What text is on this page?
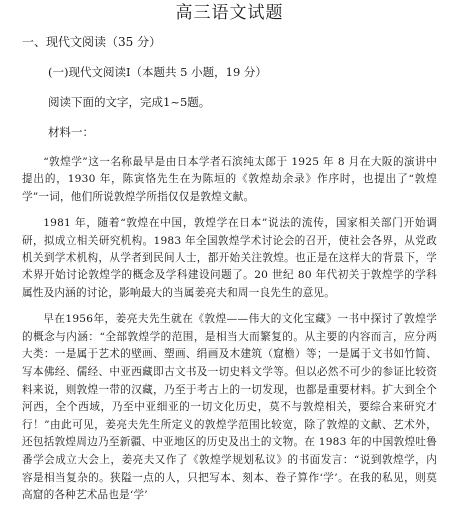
高三语文试题
一、现代文阅读（35 分）
(一)现代文阅读Ⅰ（本题共 5 小题，19 分）
阅读下面的文字，完成1~5题。
材料一：
“敦煌学”这一名称最早是由日本学者石滨纯太郎于 1925 年 8 月在大阪的演讲中提出的，1930 年，陈寅恪先生在为陈垣的《敦煌劫余录》作序时，也提出了“敦煌学”一词，他们所说敦煌学所指仅仅是敦煌文献。
1981 年，随着“敦煌在中国，敦煌学在日本”说法的流传，国家相关部门开始调研，拟成立相关研究机构。1983 年全国敦煌学术讨论会的召开，使社会各界，从党政机关到学术机构，从学者到民间人士，都开始关注敦煌。也正是在这样大的背景下，学术界开始讨论敦煌学的概念及学科建设问题了。20 世纪 80 年代初关于敦煌学的学科属性及内涵的讨论，影响最大的当属姜亮夫和周一良先生的意见。
早在1956年，姜亮夫先生就在《敦煌——伟大的文化宝藏》一书中探讨了敦煌学的概念与内涵：“全部敦煌学的范围，是相当大而繁复的。从主要的内容而言，应分两大类：一是属于艺术的壁画、塑画、绢画及木建筑（窟檐）等；一是属于文书如竹简、写本佛经、儒经、中亚西藏即古文书及一切史料文学等。但以必然不可少的参证比较资料来说，则敦煌一带的汉藏，乃至于考古上的一切发现，也都是重要材料。扩大到全个河西，全个西域，乃至中亚细亚的一切文化历史，莫不与敦煌相关，要综合来研究才行！”由此可见，姜亮夫先生所定义的敦煌学范围比较宽，除了敦煌的文献、艺术外，还包括敦煌周边乃至新疆、中亚地区的历史及出土的文物。在 1983 年的中国敦煌吐鲁番学会成立大会上，姜亮夫又作了《敦煌学规划私议》的书面发言：“说到敦煌学，内容是相当复杂的。狭隘一点的人，只把写本、刻本、卷子算作‘学’。在我的私见，则莫高窟的各种艺术品也是‘学’
